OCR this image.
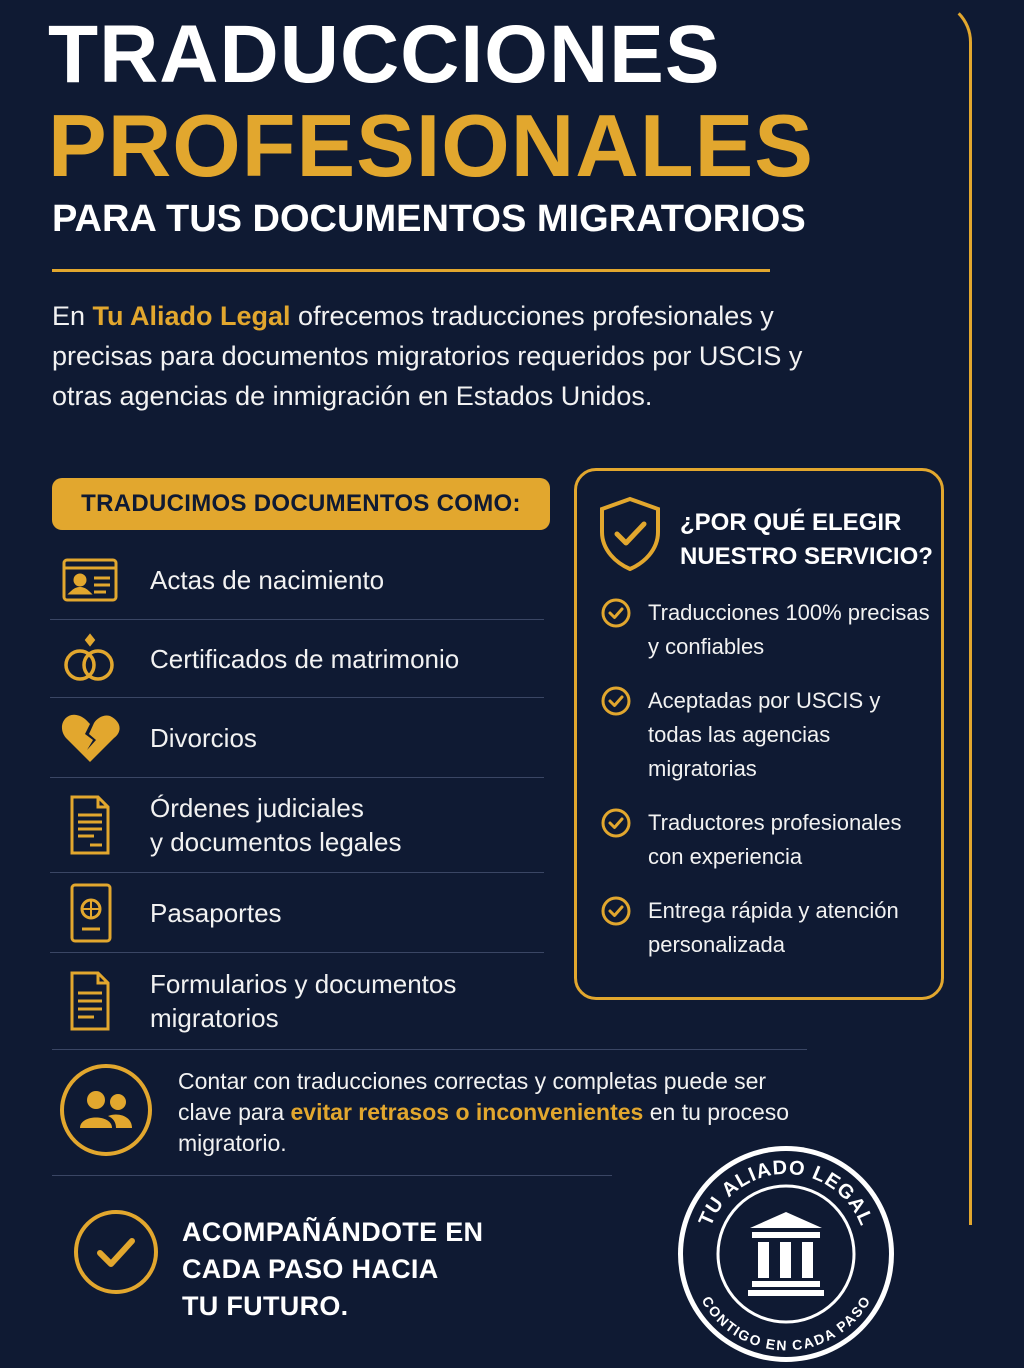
TRADUCCIONES
PROFESIONALES
PARA TUS DOCUMENTOS MIGRATORIOS
En Tu Aliado Legal ofrecemos traducciones profesionales y precisas para documentos migratorios requeridos por USCIS y otras agencias de inmigración en Estados Unidos.
TRADUCIMOS DOCUMENTOS COMO:
Actas de nacimiento
Certificados de matrimonio
Divorcios
Órdenes judiciales
y documentos legales
Pasaportes
Formularios y documentos
migratorios
¿POR QUÉ ELEGIR
NUESTRO SERVICIO?
Traducciones 100% precisas y confiables
Aceptadas por USCIS y todas las agencias migratorias
Traductores profesionales con experiencia
Entrega rápida y atención personalizada
Contar con traducciones correctas y completas puede ser clave para evitar retrasos o inconvenientes en tu proceso migratorio.
ACOMPAÑÁNDOTE EN
CADA PASO HACIA
TU FUTURO.
TU ALIADO LEGAL
CONTIGO EN CADA PASO
